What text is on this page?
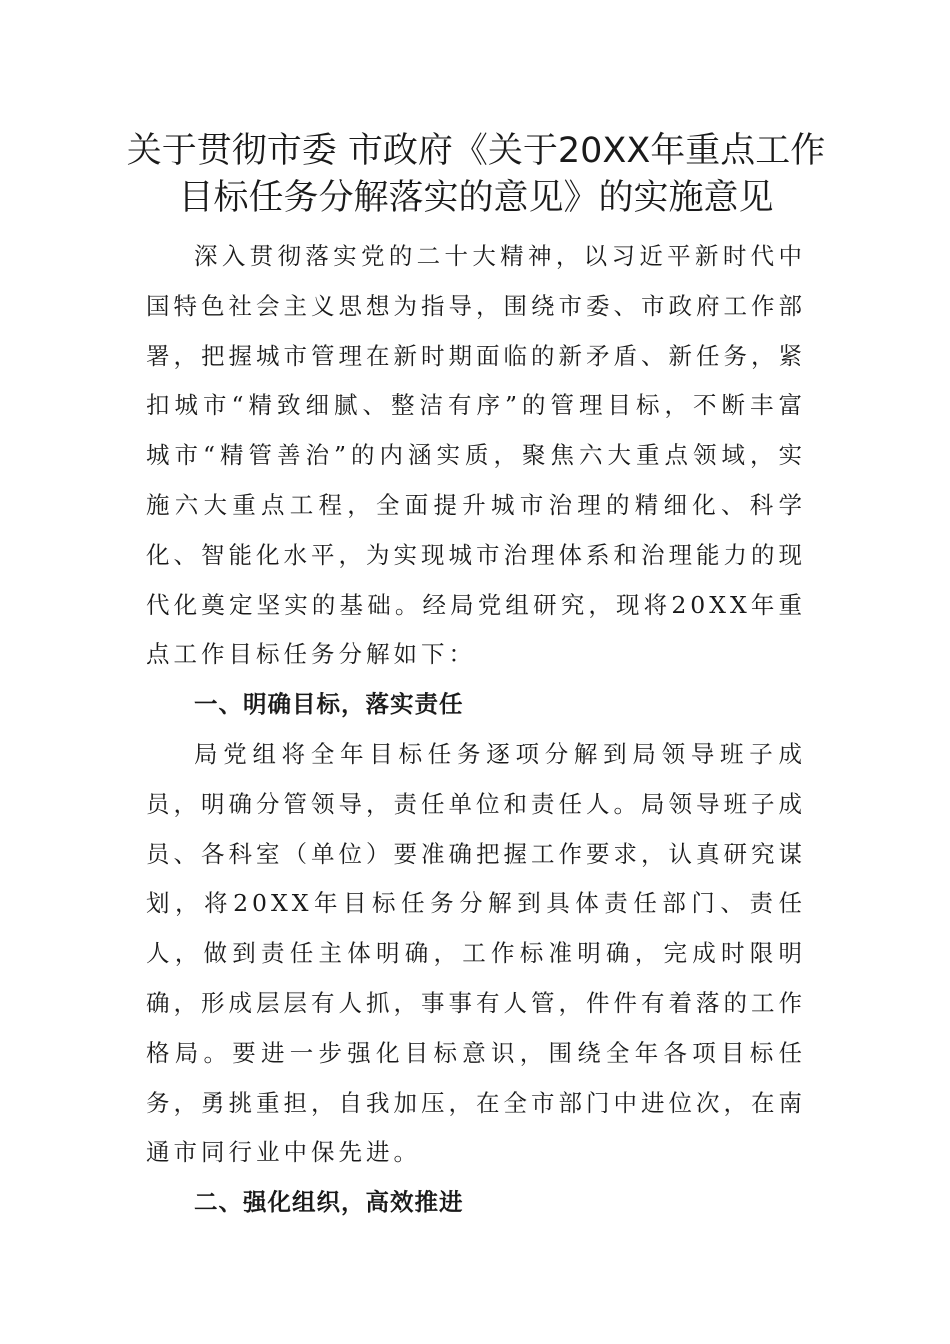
关于贯彻市委 市政府《关于20XX年重点工作目标任务分解落实的意见》的实施意见

深入贯彻落实党的二十大精神，以习近平新时代中国特色社会主义思想为指导，围绕市委、市政府工作部署，把握城市管理在新时期面临的新矛盾、新任务，紧扣城市“精致细腻、整洁有序”的管理目标，不断丰富城市“精管善治”的内涵实质，聚焦六大重点领域，实施六大重点工程，全面提升城市治理的精细化、科学化、智能化水平，为实现城市治理体系和治理能力的现代化奠定坚实的基础。经局党组研究，现将20XX年重点工作目标任务分解如下：

一、明确目标，落实责任

局党组将全年目标任务逐项分解到局领导班子成员，明确分管领导，责任单位和责任人。局领导班子成员、各科室（单位）要准确把握工作要求，认真研究谋划，将20XX年目标任务分解到具体责任部门、责任人，做到责任主体明确，工作标准明确，完成时限明确，形成层层有人抓，事事有人管，件件有着落的工作格局。要进一步强化目标意识，围绕全年各项目标任务，勇挑重担，自我加压，在全市部门中进位次，在南通市同行业中保先进。

二、强化组织，高效推进
